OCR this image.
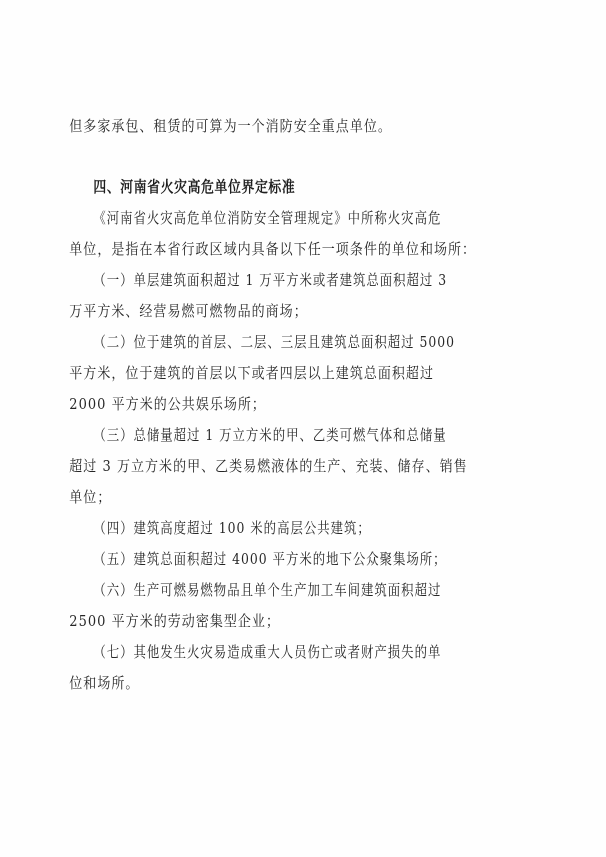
但多家承包、租赁的可算为一个消防安全重点单位。
四、河南省火灾高危单位界定标准
《河南省火灾高危单位消防安全管理规定》中所称火灾高危
单位，是指在本省行政区域内具备以下任一项条件的单位和场所：
（一）单层建筑面积超过 1 万平方米或者建筑总面积超过 3
万平方米、经营易燃可燃物品的商场；
（二）位于建筑的首层、二层、三层且建筑总面积超过 5000
平方米，位于建筑的首层以下或者四层以上建筑总面积超过
2000 平方米的公共娱乐场所；
（三）总储量超过 1 万立方米的甲、乙类可燃气体和总储量
超过 3 万立方米的甲、乙类易燃液体的生产、充装、储存、销售
单位；
（四）建筑高度超过 100 米的高层公共建筑；
（五）建筑总面积超过 4000 平方米的地下公众聚集场所；
（六）生产可燃易燃物品且单个生产加工车间建筑面积超过
2500 平方米的劳动密集型企业；
（七）其他发生火灾易造成重大人员伤亡或者财产损失的单
位和场所。
